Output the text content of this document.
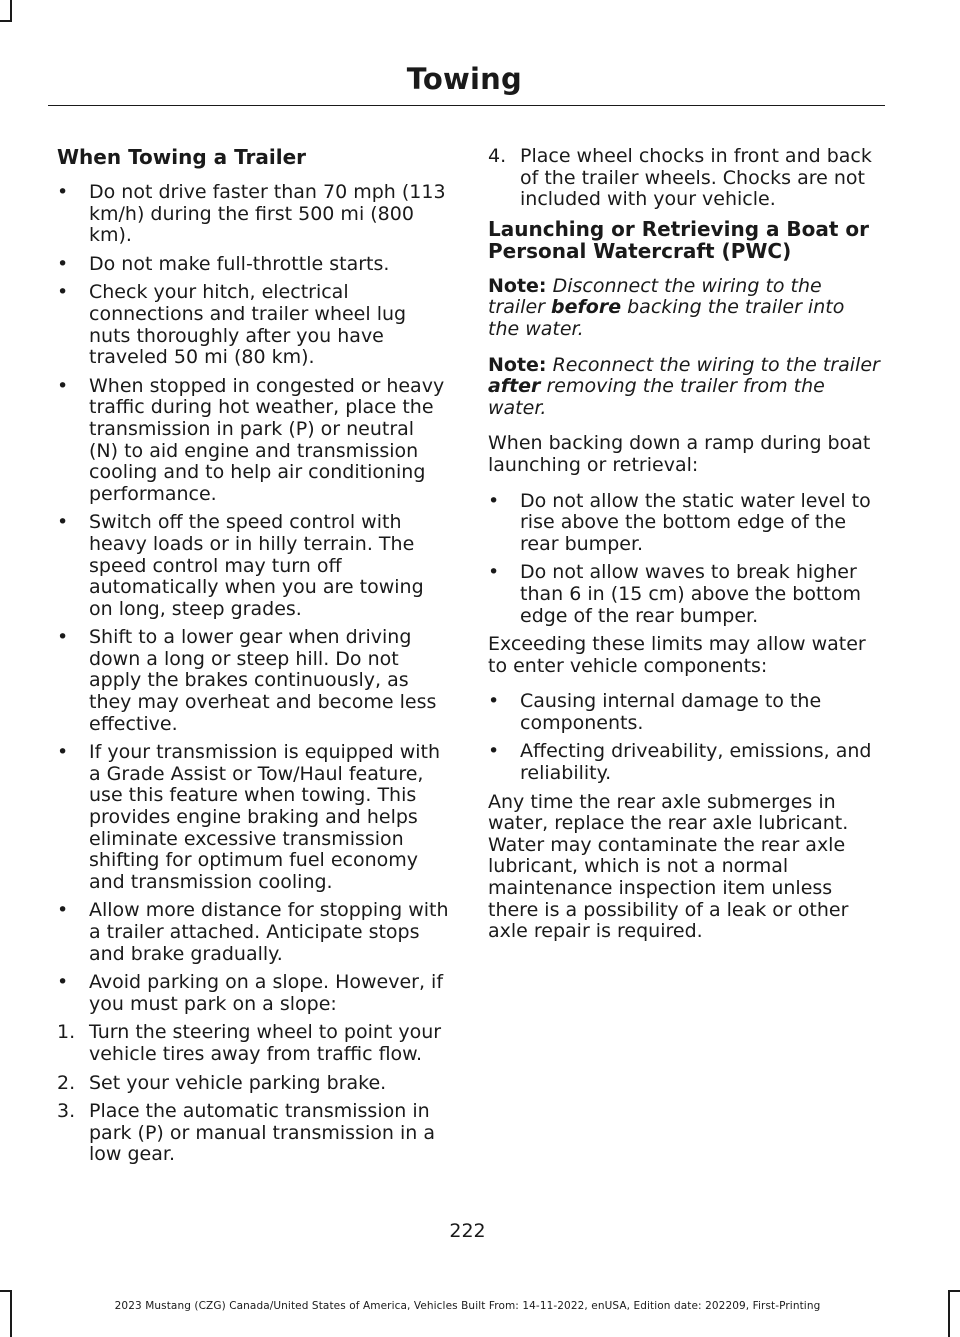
Towing
When Towing a Trailer
• Do not drive faster than 70 mph (113 km/h) during the first 500 mi (800 km).
• Do not make full-throttle starts.
• Check your hitch, electrical connections and trailer wheel lug nuts thoroughly after you have traveled 50 mi (80 km).
• When stopped in congested or heavy traffic during hot weather, place the transmission in park (P) or neutral (N) to aid engine and transmission cooling and to help air conditioning performance.
• Switch off the speed control with heavy loads or in hilly terrain. The speed control may turn off automatically when you are towing on long, steep grades.
• Shift to a lower gear when driving down a long or steep hill. Do not apply the brakes continuously, as they may overheat and become less effective.
• If your transmission is equipped with a Grade Assist or Tow/Haul feature, use this feature when towing. This provides engine braking and helps eliminate excessive transmission shifting for optimum fuel economy and transmission cooling.
• Allow more distance for stopping with a trailer attached. Anticipate stops and brake gradually.
• Avoid parking on a slope. However, if you must park on a slope:
1. Turn the steering wheel to point your vehicle tires away from traffic flow.
2. Set your vehicle parking brake.
3. Place the automatic transmission in park (P) or manual transmission in a low gear.
4. Place wheel chocks in front and back of the trailer wheels. Chocks are not included with your vehicle.
Launching or Retrieving a Boat or Personal Watercraft (PWC)

Note: Disconnect the wiring to the trailer before backing the trailer into the water.

Note: Reconnect the wiring to the trailer after removing the trailer from the water.

When backing down a ramp during boat launching or retrieval:

• Do not allow the static water level to rise above the bottom edge of the rear bumper.
• Do not allow waves to break higher than 6 in (15 cm) above the bottom edge of the rear bumper.

Exceeding these limits may allow water to enter vehicle components:

• Causing internal damage to the components.
• Affecting driveability, emissions, and reliability.

Any time the rear axle submerges in water, replace the rear axle lubricant. Water may contaminate the rear axle lubricant, which is not a normal maintenance inspection item unless there is a possibility of a leak or other axle repair is required.

222
2023 Mustang (CZG) Canada/United States of America, Vehicles Built From: 14-11-2022, enUSA, Edition date: 202209, First-Printing
